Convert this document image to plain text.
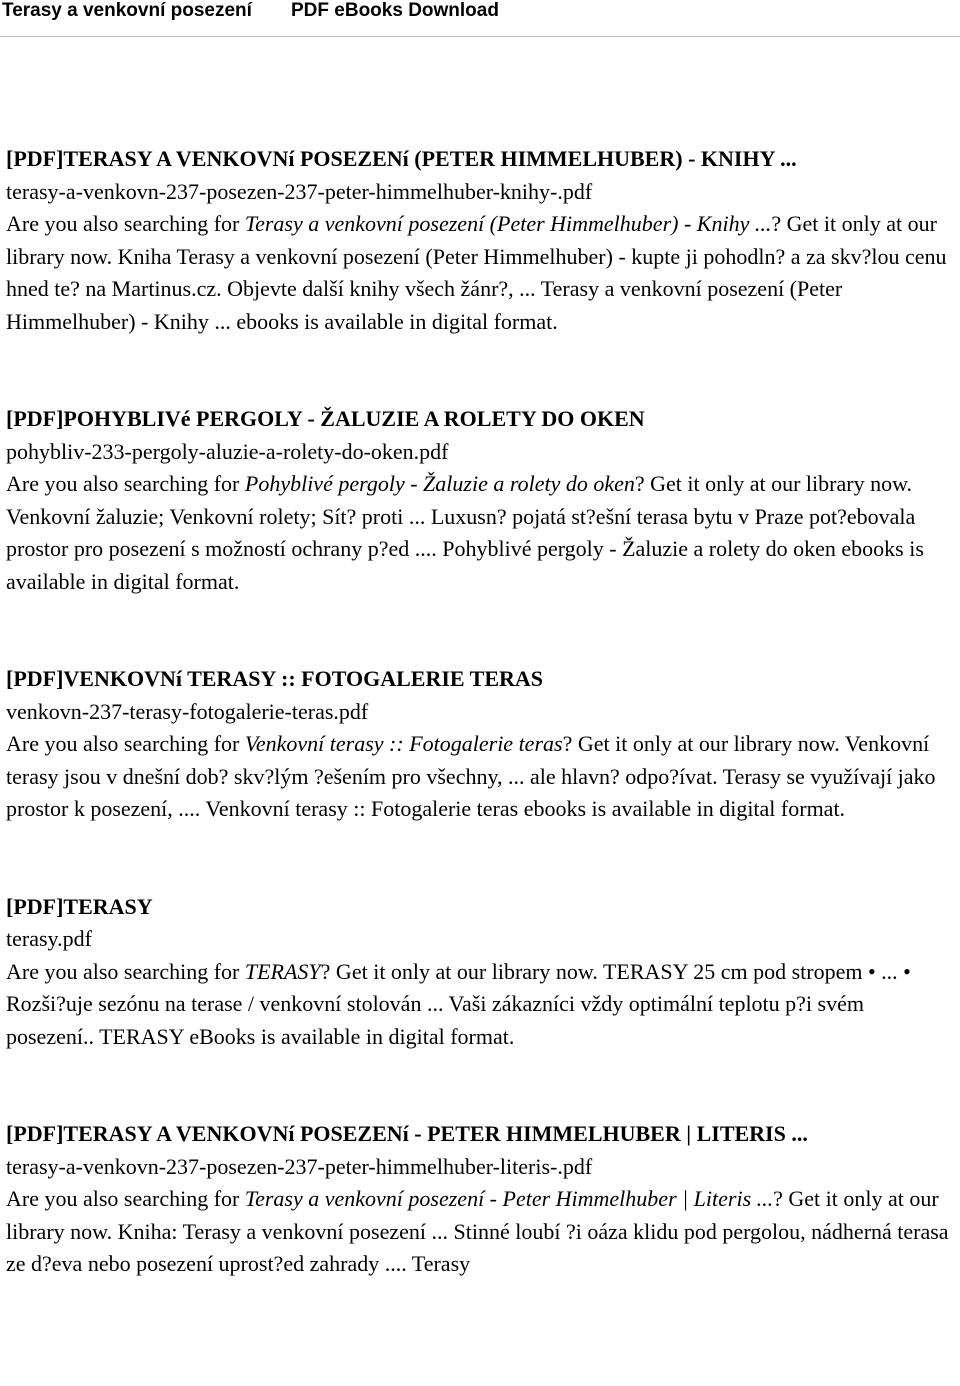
Terasy a venkovní posezení PDF eBooks Download
[PDF]TERASY A VENKOVNí POSEZENí (PETER HIMMELHUBER) - KNIHY ...
terasy-a-venkovn-237-posezen-237-peter-himmelhuber-knihy-.pdf
Are you also searching for Terasy a venkovní posezení (Peter Himmelhuber) - Knihy ...? Get it only at our library now. Kniha Terasy a venkovní posezení (Peter Himmelhuber) - kupte ji pohodln? a za skv?lou cenu hned te? na Martinus.cz. Objevte další knihy všech žánr?, ... Terasy a venkovní posezení (Peter Himmelhuber) - Knihy ... ebooks is available in digital format.
[PDF]POHYBLIVé PERGOLY - ŽALUZIE A ROLETY DO OKEN
pohybliv-233-pergoly-aluzie-a-rolety-do-oken.pdf
Are you also searching for Pohyblivé pergoly - Žaluzie a rolety do oken? Get it only at our library now. Venkovní žaluzie; Venkovní rolety; Sít? proti ... Luxusn? pojatá st?ešní terasa bytu v Praze pot?ebovala prostor pro posezení s možností ochrany p?ed .... Pohyblivé pergoly - Žaluzie a rolety do oken ebooks is available in digital format.
[PDF]VENKOVNí TERASY :: FOTOGALERIE TERAS
venkovn-237-terasy-fotogalerie-teras.pdf
Are you also searching for Venkovní terasy :: Fotogalerie teras? Get it only at our library now. Venkovní terasy jsou v dnešní dob? skv?lým ?ešením pro všechny, ... ale hlavn? odpo?ívat. Terasy se využívají jako prostor k posezení, .... Venkovní terasy :: Fotogalerie teras ebooks is available in digital format.
[PDF]TERASY
terasy.pdf
Are you also searching for TERASY? Get it only at our library now. TERASY 25 cm pod stropem • ... • Rozši?uje sezónu na terase / venkovní stolován ... Vaši zákazníci vždy optimální teplotu p?i svém posezení.. TERASY eBooks is available in digital format.
[PDF]TERASY A VENKOVNí POSEZENí - PETER HIMMELHUBER | LITERIS ...
terasy-a-venkovn-237-posezen-237-peter-himmelhuber-literis-.pdf
Are you also searching for Terasy a venkovní posezení - Peter Himmelhuber | Literis ...? Get it only at our library now. Kniha: Terasy a venkovní posezení ... Stinné loubí ?i oáza klidu pod pergolou, nádherná terasa ze d?eva nebo posezení uprost?ed zahrady .... Terasy
